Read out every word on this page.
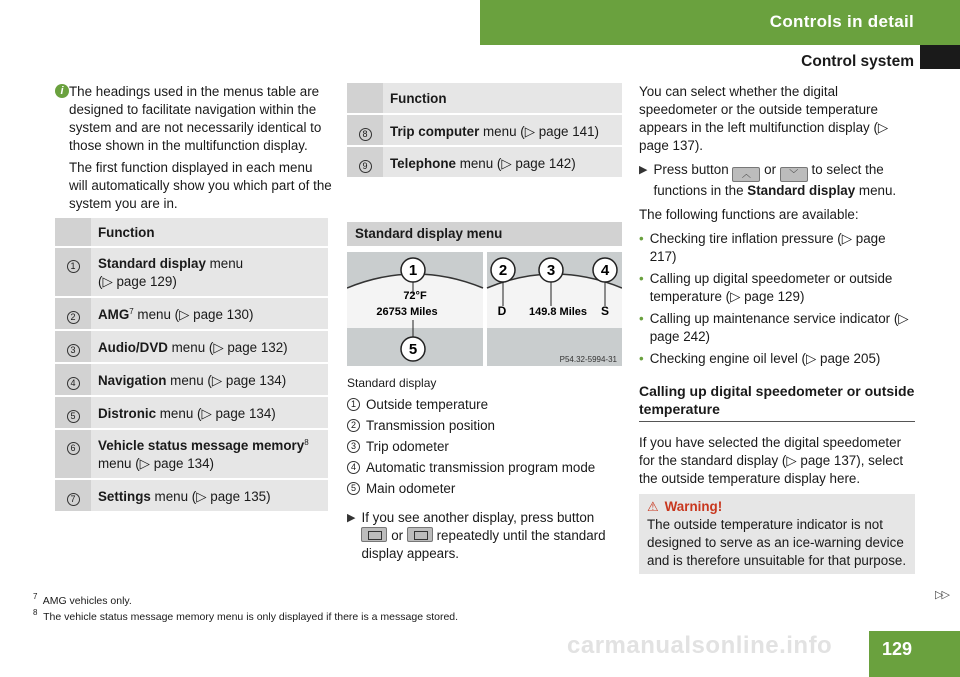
Controls in detail
Control system
i The headings used in the menus table are designed to facilitate navigation within the system and are not necessarily identical to those shown in the multifunction display.

The first function displayed in each menu will automatically show you which part of the system you are in.

Function
1	Standard display menu
(▷ page 129)
2	AMG$^7$ menu (▷ page 130)
3	Audio/DVD menu (▷ page 132)
4	Navigation menu (▷ page 134)
5	Distronic menu (▷ page 134)
6	Vehicle status message memory$^8$
menu (▷ page 134)
7	Settings menu (▷ page 135)
Function
8	Trip computer menu (▷ page 141)
9	Telephone menu (▷ page 142)
Standard display menu
72°F
26753 Miles	D 149.8 Miles S
1
5
2	3	4
P54.32-5994-31
Standard display
1 Outside temperature
2 Transmission position
3 Trip odometer
4 Automatic transmission program mode
5 Main odometer
▶ If you see another display, press button
or repeatedly until the standard display appears.

You can select whether the digital speedometer or the outside temperature appears in the left multifunction display (▷ page 137).

▶ Press button ︿ or ﹀ to select the functions in the Standard display menu.

The following functions are available:

• Checking tire inflation pressure (▷ page 217)
• Calling up digital speedometer or outside temperature (▷ page 129)
• Calling up maintenance service indicator (▷ page 242)
• Checking engine oil level (▷ page 205)
Calling up digital speedometer or outside temperature

If you have selected the digital speedometer for the standard display (▷ page 137), select the outside temperature display here.

⚠ Warning!
The outside temperature indicator is not designed to serve as an ice-warning device and is therefore unsuitable for that purpose.
$^7$ AMG vehicles only.
$^8$ The vehicle status message memory menu is only displayed if there is a message stored.
▷▷
carmanualsonline.info	129
